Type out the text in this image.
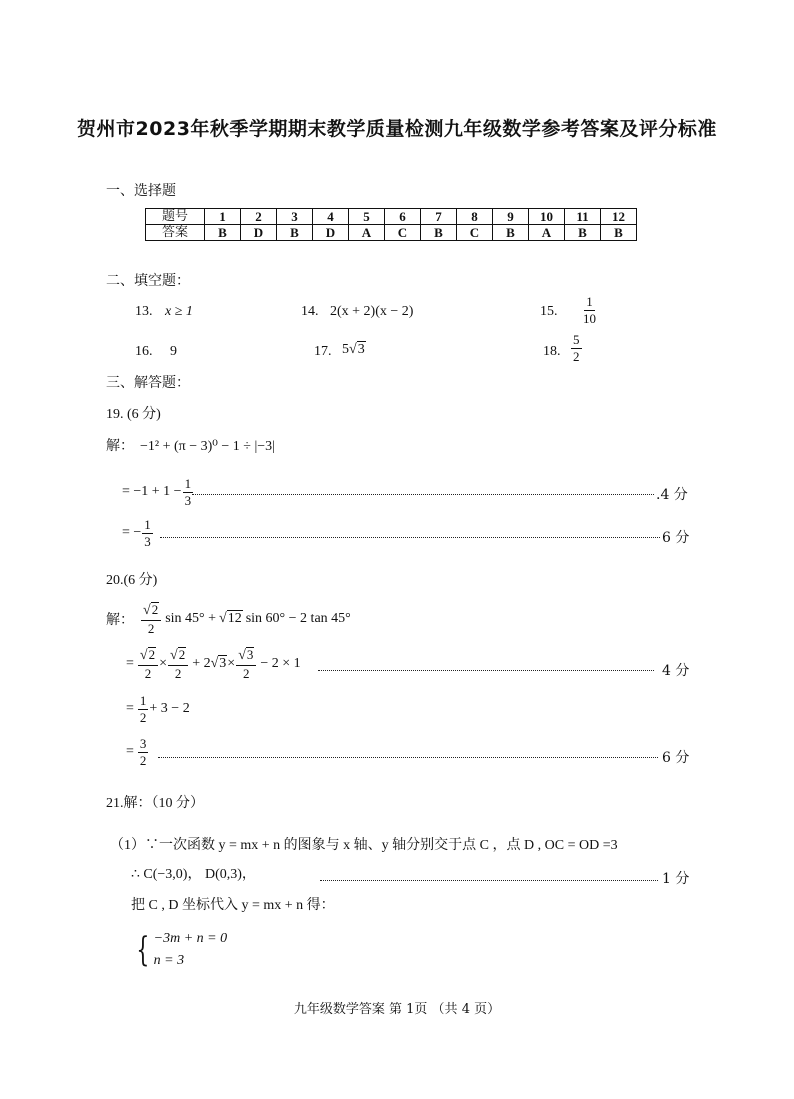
贺州市2023年秋季学期期末教学质量检测九年级数学参考答案及评分标准
一、选择题
题号	1	2	3	4	5	6	7	8	9	10	11	12
答案	B	D	B	D	A	C	B	C	B	A	B	B
二、填空题：
13. x ≥ 1	14. 2(x + 2)(x − 2)	15. $\frac{1}{10}$
16. 9	17. 5 √ 3	18. $\frac{5}{2}$
三、解答题：
19. (6 分)
解： −1² + (π − 3)⁰ − 1 ÷ |−3|
= $-1 + 1 - \frac{1}{3}$	.4 分
= − $\frac{1}{3}$	6 分
20.(6 分)
解： $\frac{√2}{2}$ sin 45° + √ 12 sin 60° − 2 tan 45°
= $\frac{√2}{2} \times \frac{√2}{2} + 2$ √ $3 \times \frac{√3}{2} - 2 \times 1$	4 分
= $\frac{1}{2} + 3 - 2$
= $\frac{3}{2}$	6 分
21.解：（10 分）
（1）∵一次函数 y = mx + n 的图象与 x 轴、y 轴分别交于点 C ，点 D , OC = OD =3
∴ C(−3,0)， D(0,3)，	1 分
把 C , D 坐标代入 y = mx + n 得：
{ −3m + n = 0
n = 3
九年级数学答案 第 1页 （共 4 页）
